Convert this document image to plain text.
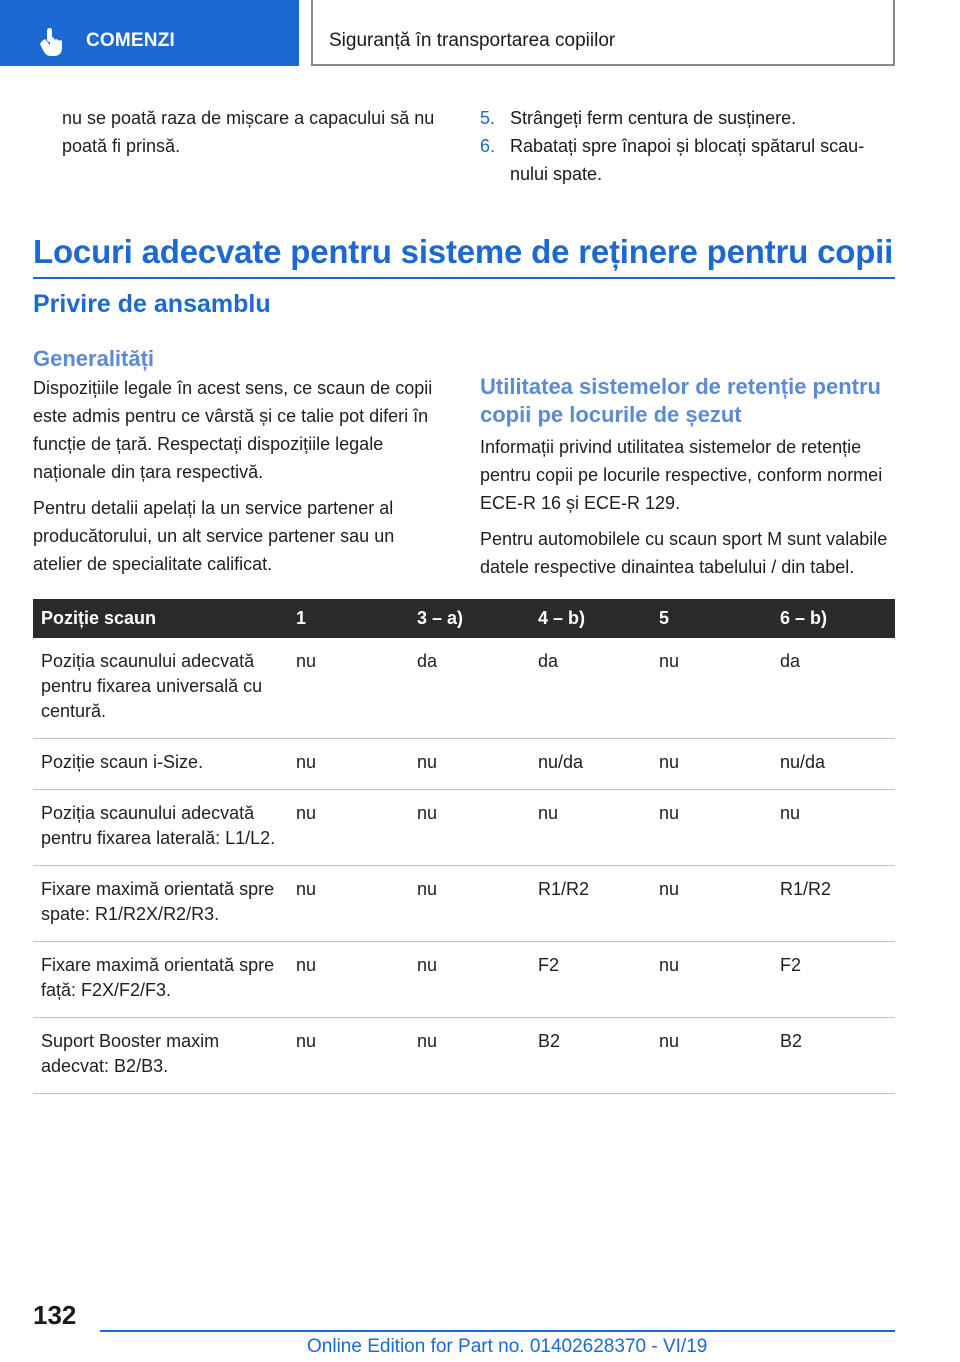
COMENZI	Siguranță în transportarea copiilor

nu se poată raza de mișcare a capacului să nu poată fi prinsă.

5. Strângeți ferm centura de susținere.
6. Rabatați spre înapoi și blocați spătarul scaunului spate.
Locuri adecvate pentru sisteme de reținere pentru copii
Privire de ansamblu
Generalități

Dispozițiile legale în acest sens, ce scaun de copii este admis pentru ce vârstă și ce talie pot diferi în funcție de țară. Respectați dispozițiile legale naționale din țara respectivă.

Pentru detalii apelați la un service partener al producătorului, un alt service partener sau un atelier de specialitate calificat.

Utilitatea sistemelor de retenție pentru copii pe locurile de șezut

Informații privind utilitatea sistemelor de retenție pentru copii pe locurile respective, conform normei ECE-R 16 și ECE-R 129.

Pentru automobilele cu scaun sport M sunt valabile datele respective dinaintea tabelului / din tabel.

Poziție scaun	1	3 – a)	4 – b)	5	6 – b)
Poziția scaunului adecvată pentru fixarea universală cu centură.	nu	da	da	nu	da
Poziție scaun i-Size.	nu	nu	nu/da	nu	nu/da
Poziția scaunului adecvată pentru fixarea laterală: L1/L2.	nu	nu	nu	nu	nu
Fixare maximă orientată spre spate: R1/R2X/R2/R3.	nu	nu	R1/R2	nu	R1/R2
Fixare maximă orientată spre față: F2X/F2/F3.	nu	nu	F2	nu	F2
Suport Booster maxim adecvat: B2/B3.	nu	nu	B2	nu	B2
132
Online Edition for Part no. 01402628370 - VI/19
